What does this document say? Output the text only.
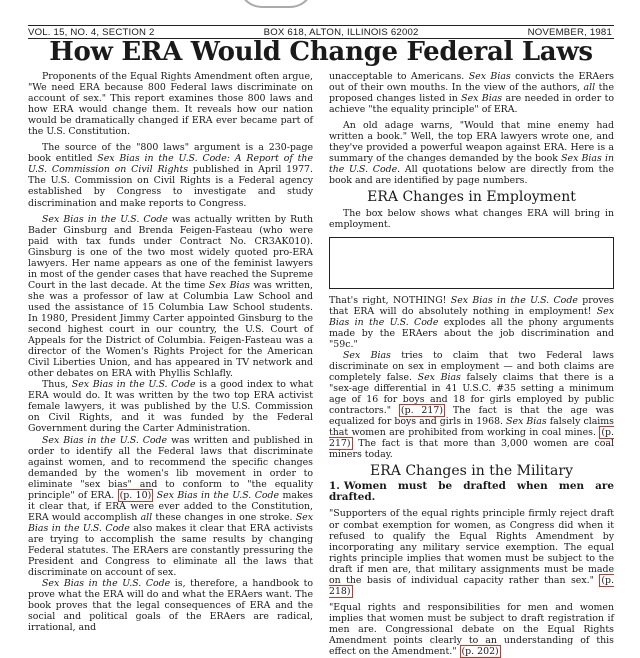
VOL. 15, NO. 4, SECTION 2	BOX 618, ALTON, ILLINOIS 62002	NOVEMBER, 1981
How ERA Would Change Federal Laws

Proponents of the Equal Rights Amendment often argue, "We need ERA because 800 Federal laws discriminate on account of sex." This report examines those 800 laws and how ERA would change them. It reveals how our nation would be dramatically changed if ERA ever became part of the U.S. Constitution.

The source of the "800 laws" argument is a 230-page book entitled Sex Bias in the U.S. Code: A Report of the U.S. Commission on Civil Rights published in April 1977. The U.S. Commission on Civil Rights is a Federal agency established by Congress to investigate and study discrimination and make reports to Congress.

Sex Bias in the U.S. Code was actually written by Ruth Bader Ginsburg and Brenda Feigen-Fasteau (who were paid with tax funds under Contract No. CR3AK010). Ginsburg is one of the two most widely quoted pro-ERA lawyers. Her name appears as one of the feminist lawyers in most of the gender cases that have reached the Supreme Court in the last decade. At the time Sex Bias was written, she was a professor of law at Columbia Law School and used the assistance of 15 Columbia Law School students. In 1980, President Jimmy Carter appointed Ginsburg to the second highest court in our country, the U.S. Court of Appeals for the District of Columbia. Feigen-Fasteau was a director of the Women's Rights Project for the American Civil Liberties Union, and has appeared in TV network and other debates on ERA with Phyllis Schlafly.

Thus, Sex Bias in the U.S. Code is a good index to what ERA would do. It was written by the two top ERA activist female lawyers, it was published by the U.S. Commission on Civil Rights, and it was funded by the Federal Government during the Carter Administration.

Sex Bias in the U.S. Code was written and published in order to identify all the Federal laws that discriminate against women, and to recommend the specific changes demanded by the women's lib movement in order to eliminate "sex bias" and to conform to "the equality principle" of ERA. (p. 10) Sex Bias in the U.S. Code makes it clear that, if ERA were ever added to the Constitution, ERA would accomplish all these changes in one stroke. Sex Bias in the U.S. Code also makes it clear that ERA activists are trying to accomplish the same results by changing Federal statutes. The ERAers are constantly pressuring the President and Congress to eliminate all the laws that discriminate on account of sex.

Sex Bias in the U.S. Code is, therefore, a handbook to prove what the ERA will do and what the ERAers want. The book proves that the legal consequences of ERA and the social and political goals of the ERAers are radical, irrational, and

unacceptable to Americans. Sex Bias convicts the ERAers out of their own mouths. In the view of the authors, all the proposed changes listed in Sex Bias are needed in order to achieve "the equality principle" of ERA.

An old adage warns, "Would that mine enemy had written a book." Well, the top ERA lawyers wrote one, and they've provided a powerful weapon against ERA. Here is a summary of the changes demanded by the book Sex Bias in the U.S. Code. All quotations below are directly from the book and are identified by page numbers.

ERA Changes in Employment

The box below shows what changes ERA will bring in employment.

That's right, NOTHING! Sex Bias in the U.S. Code proves that ERA will do absolutely nothing in employment! Sex Bias in the U.S. Code explodes all the phony arguments made by the ERAers about the job discrimination and "59c."

Sex Bias tries to claim that two Federal laws discriminate on sex in employment — and both claims are completely false. Sex Bias falsely claims that there is a "sex-age differential in 41 U.S.C. #35 setting a minimum age of 16 for boys and 18 for girls employed by public contractors." (p. 217) The fact is that the age was equalized for boys and girls in 1968. Sex Bias falsely claims that women are prohibited from working in coal mines. (p. 217) The fact is that more than 3,000 women are coal miners today.

ERA Changes in the Military
1. Women must be drafted when men are drafted.

"Supporters of the equal rights principle firmly reject draft or combat exemption for women, as Congress did when it refused to qualify the Equal Rights Amendment by incorporating any military service exemption. The equal rights principle implies that women must be subject to the draft if men are, that military assignments must be made on the basis of individual capacity rather than sex." (p. 218)

"Equal rights and responsibilities for men and women implies that women must be subject to draft registration if men are. Congressional debate on the Equal Rights Amendment points clearly to an understanding of this effect on the Amendment." (p. 202)
